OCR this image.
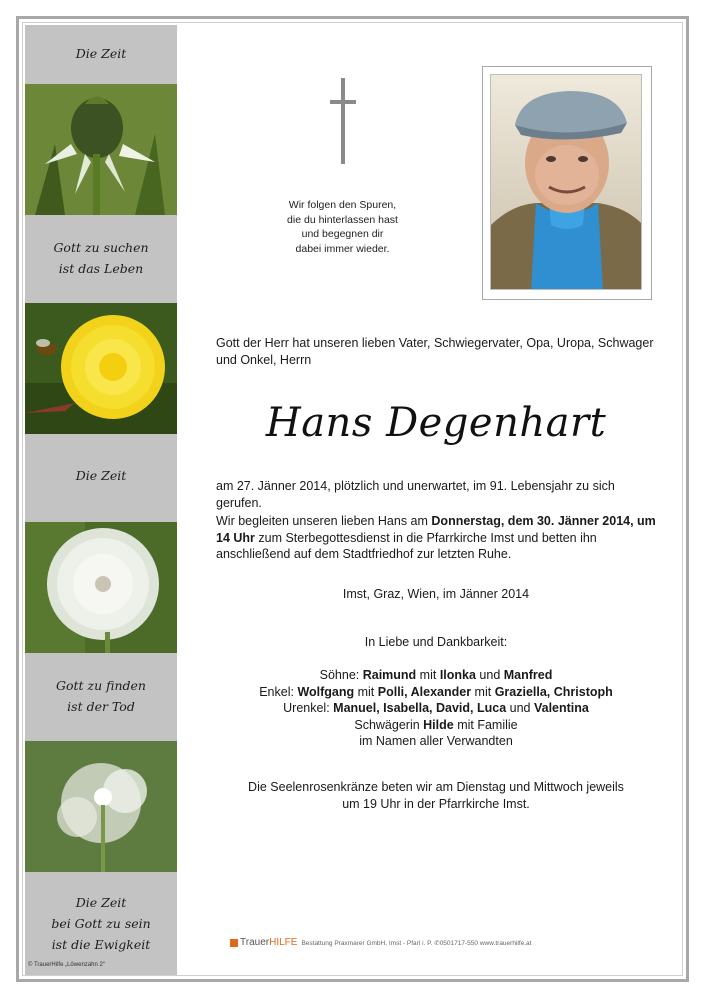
Die Zeit
Gott zu suchen
ist das Leben
Die Zeit
Gott zu finden
ist der Tod
Die Zeit
bei Gott zu sein
ist die Ewigkeit
© TrauerHilfe „Löwenzahn 2“
Wir folgen den Spuren,
die du hinterlassen hast
und begegnen dir
dabei immer wieder.
Gott der Herr hat unseren lieben Vater, Schwiegervater, Opa, Uropa, Schwager und Onkel, Herrn
Hans Degenhart
am 27. Jänner 2014, plötzlich und unerwartet, im 91. Lebensjahr zu sich gerufen.
Wir begleiten unseren lieben Hans am Donnerstag, dem 30. Jänner 2014, um 14 Uhr zum Sterbegottesdienst in die Pfarrkirche Imst und betten ihn anschließend auf dem Stadtfriedhof zur letzten Ruhe.
Imst, Graz, Wien, im Jänner 2014
In Liebe und Dankbarkeit:
Söhne: Raimund mit Ilonka und Manfred
Enkel: Wolfgang mit Polli, Alexander mit Graziella, Christoph
Urenkel: Manuel, Isabella, David, Luca und Valentina
Schwägerin Hilde mit Familie
im Namen aller Verwandten
Die Seelenrosenkränze beten wir am Dienstag und Mittwoch jeweils
um 19 Uhr in der Pfarrkirche Imst.
TrauerHILFE Bestattung Praxmarer GmbH, Imst - Pfarl i. P. ✆0501717-550 www.trauerhilfe.at
